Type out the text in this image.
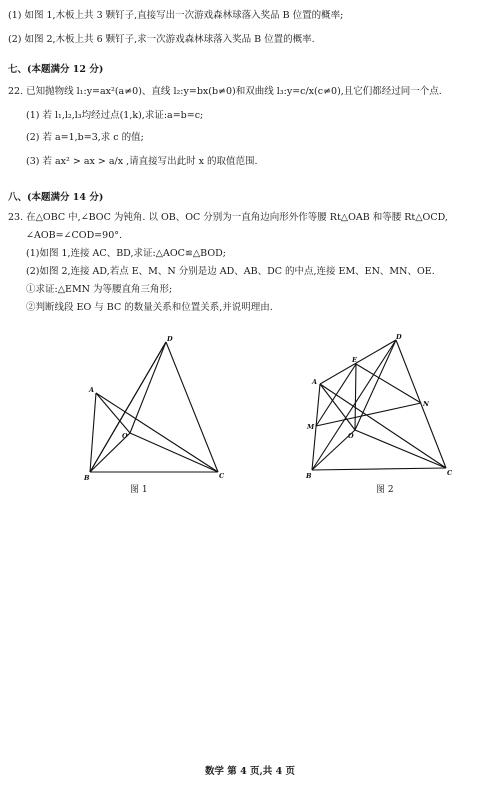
(1) 如图 1,木板上共 3 颗钉子,直接写出一次游戏森林球落入奖品 B 位置的概率;
(2) 如图 2,木板上共 6 颗钉子,求一次游戏森林球落入奖品 B 位置的概率.
七、(本题满分 12 分)
22. 已知抛物线 l₁:y=ax²(a≠0)、直线 l₂:y=bx(b≠0)和双曲线 l₃:y=c/x(c≠0),且它们都经过同一个点.
(1) 若 l₁,l₂,l₃均经过点(1,k),求证:a=b=c;
(2) 若 a=1,b=3,求 c 的值;
(3) 若 ax² > ax > a/x ,请直接写出此时 x 的取值范围.
八、(本题满分 14 分)
23. 在△OBC 中,∠BOC 为钝角. 以 OB、OC 分别为一直角边向形外作等腰 Rt△OAB 和等腰 Rt△OCD,
∠AOB=∠COD=90°.
(1)如图 1,连接 AC、BD,求证:△AOC≌△BOD;
(2)如图 2,连接 AD,若点 E、M、N 分别是边 AD、AB、DC 的中点,连接 EM、EN、MN、OE.
①求证:△EMN 为等腰直角三角形;
②判断线段 EO 与 BC 的数量关系和位置关系,并说明理由.
D
A
O
B	C
图 1
D
E
A
N
M
O
B	C
图 2
数学 第 4 页,共 4 页
